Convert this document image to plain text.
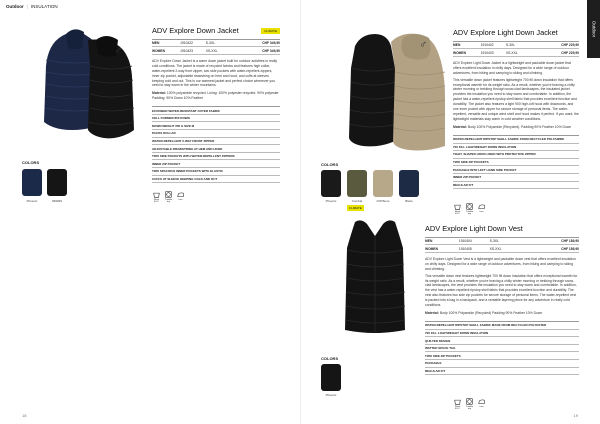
Outdoor | INSULATION
♂
COLORS
Phoenix	999999
ADV Explore Down Jacket	CLIMATE
MEN	1910422	S-3XL	CHF 349,90
WOMEN	1910423	XS-XXL	CHF 349,90

ADV Explore Down Jacket is a warm down jacket built for outdoor activities in really cold conditions. The jacket is made of recycled fabrics and features high collar, water-repellent 2-way front zipper, two side pockets with water-repellent zippers, inner zip pocket, adjustable drawstring on hem and hood, and cuffs at sleeves keeping cold and out. This is our warmest jacket and perfect choice whenever you need to stay warm in the winter mountains.

Material: 100% polyamide recycled. Lining: 100% polyester recycled. 90% polyester Padding: 90% Down 10% Feather

ECOFIBER WATER-RESISTANT OUTER FABRIC
CELL FORMER 850 DOWN
DOWN WEIGHT 350 G SIZE M
PACKS DOLLAR
WATER-REPELLENT 2-WAY FRONT ZIPPER
ADJUSTABLE DRAWSTRING AT HEM AND HOOD
TWO SIDE POCKETS WITH WATER-REPELLENT ZIPPERS
INNER ZIP POCKET
TWO SPACIOUS INNER POCKETS WITH ELASTIC
CUFFS AT SLEEVE KEEPING COLD AND OUT
Wash 40°C
Tumble dry
Iron
18
Outdoor
♂
COLORS
Phoenix	Combat
CLIMATE
Cliff Bone	Blaze
ADV Explore Light Down Jacket
MEN	1910402	S-3XL	CHF 229,90
WOMEN	1910403	XS-XXL	CHF 229,90

ADV Explore Light Down Jacket is a lightweight and packable down jacket that offers excellent insulation in chilly days. Designed for a wide range of outdoor adventures, from hiking and camping to skiing and climbing.

This versatile down jacket features lightweight 700 fill down insulation that offers exceptional warmth for its weight ratio. As a result, whether you're braving a chilly winter morning or trekking through snow-clad landscapes, the insulated jacket provides the insulation you need to stay warm and comfortable. In addition, the jacket has a water-repellent ripstop shell fabric that provides excellent function and durability. The jacket also features a light 900 high-loft hood with drawcords, and one inner pocket with zipper for secure storage of personal items. The water-repellent, versatile and unique wind shell and hood makes it perfect. If you want, the lightweight materials stay warm in cold weather conditions.

Material: Body 100% Polyamide (Recycled). Padding 90% Feather 10% Down

WATER-REPELLENT RIPSTOP SHELL FABRIC FROM RECYCLED POLYAMIDE
700 FILL LIGHTWEIGHT DOWN INSULATION
TIGHT, SHAPED HOOD LINED WITH PROTECTIVE ZIPPER
TWO SIDE ZIP POCKETS
PACKABLE INTO LEFT HAND SIDE POCKET
INNER ZIP POCKET
REGULAR FIT
Wash 40°C
Tumble dry
Iron
COLORS
Phoenix
ADV Explore Light Down Vest
MEN	1910404	S-3XL	CHF 189,90
WOMEN	1910405	XS-XXL	CHF 189,90

ADV Explore Light Down Vest is a lightweight and packable down vest that offers excellent insulation on chilly days. Designed for a wide range of outdoor adventures, from hiking and camping to skiing and climbing.

This versatile down vest features lightweight 700 fill down insulation that offers exceptional warmth for its weight ratio. As a result, whether you're braving a chilly winter morning or trekking through snow-clad landscapes, the vest provides the insulation you need to stay warm and comfortable. In addition, the vest has a water-repellent ripstop shell fabric that provides excellent function and durability. The vest also features two side zip pockets for secure storage of personal items. The water-repellent vest is packed into a bag in a backpack, and a versatile layering piece for any adventure in really cold conditions.

Material: Body 100% Polyamide (Recycled) Padding 90% Feather 10% Down

WATER-REPELLENT RIPSTOP SHELL FABRIC MADE FROM RECYCLED POLYESTER
700 FILL LIGHTWEIGHT DOWN INSULATION
QUILTED DESIGN
WATTED SPACE TAG
TWO SIDE ZIP POCKETS
PACKABLE
REGULAR FIT
Wash 40°C
Tumble dry
Iron
19
